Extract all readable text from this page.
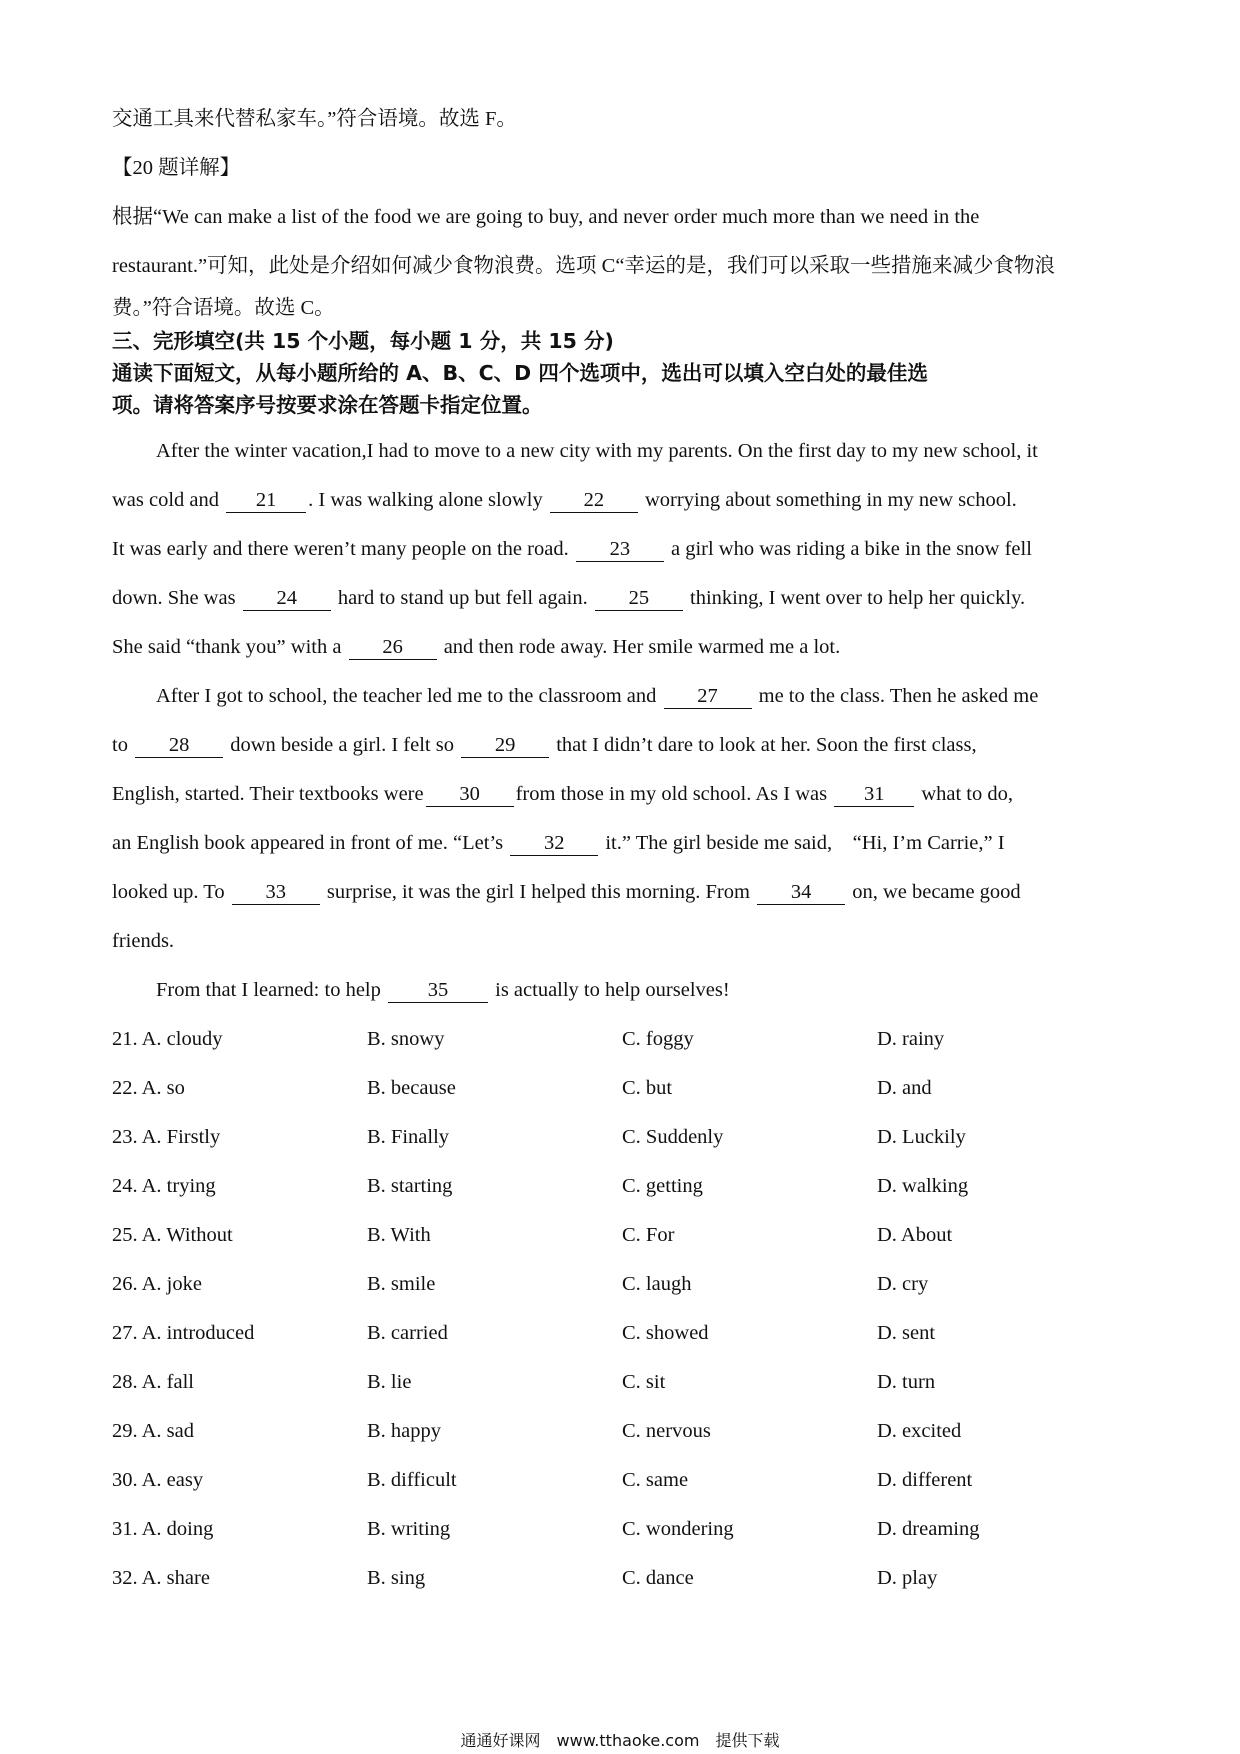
交通工具来代替私家车。”符合语境。故选 F。
【20 题详解】
根据“We can make a list of the food we are going to buy, and never order much more than we need in the
restaurant.”可知，此处是介绍如何减少食物浪费。选项 C“幸运的是，我们可以采取一些措施来减少食物浪
费。”符合语境。故选 C。
三、完形填空(共 15 个小题，每小题 1 分，共 15 分)
通读下面短文，从每小题所给的 A、B、C、D 四个选项中，选出可以填入空白处的最佳选
项。请将答案序号按要求涂在答题卡指定位置。
After the winter vacation,I had to move to a new city with my parents. On the first day to my new school, it
was cold and 21 . I was walking alone slowly 22 worrying about something in my new school.
It was early and there weren’t many people on the road. 23 a girl who was riding a bike in the snow fell
down. She was 24 hard to stand up but fell again. 25 thinking, I went over to help her quickly.
She said “thank you” with a 26 and then rode away. Her smile warmed me a lot.
After I got to school, the teacher led me to the classroom and 27 me to the class. Then he asked me
to 28 down beside a girl. I felt so 29 that I didn’t dare to look at her. Soon the first class,
English, started. Their textbooks were 30 from those in my old school. As I was 31 what to do,
an English book appeared in front of me. “Let’s 32 it.” The girl beside me said,　“Hi, I’m Carrie,” I
looked up. To 33 surprise, it was the girl I helped this morning. From 34 on, we became good
friends.
From that I learned: to help 35 is actually to help ourselves!
21. A. cloudy	B. snowy	C. foggy	D. rainy
22. A. so	B. because	C. but	D. and
23. A. Firstly	B. Finally	C. Suddenly	D. Luckily
24. A. trying	B. starting	C. getting	D. walking
25. A. Without	B. With	C. For	D. About
26. A. joke	B. smile	C. laugh	D. cry
27. A. introduced	B. carried	C. showed	D. sent
28. A. fall	B. lie	C. sit	D. turn
29. A. sad	B. happy	C. nervous	D. excited
30. A. easy	B. difficult	C. same	D. different
31. A. doing	B. writing	C. wondering	D. dreaming
32. A. share	B. sing	C. dance	D. play
通通好课网　www.tthaoke.com　提供下载
